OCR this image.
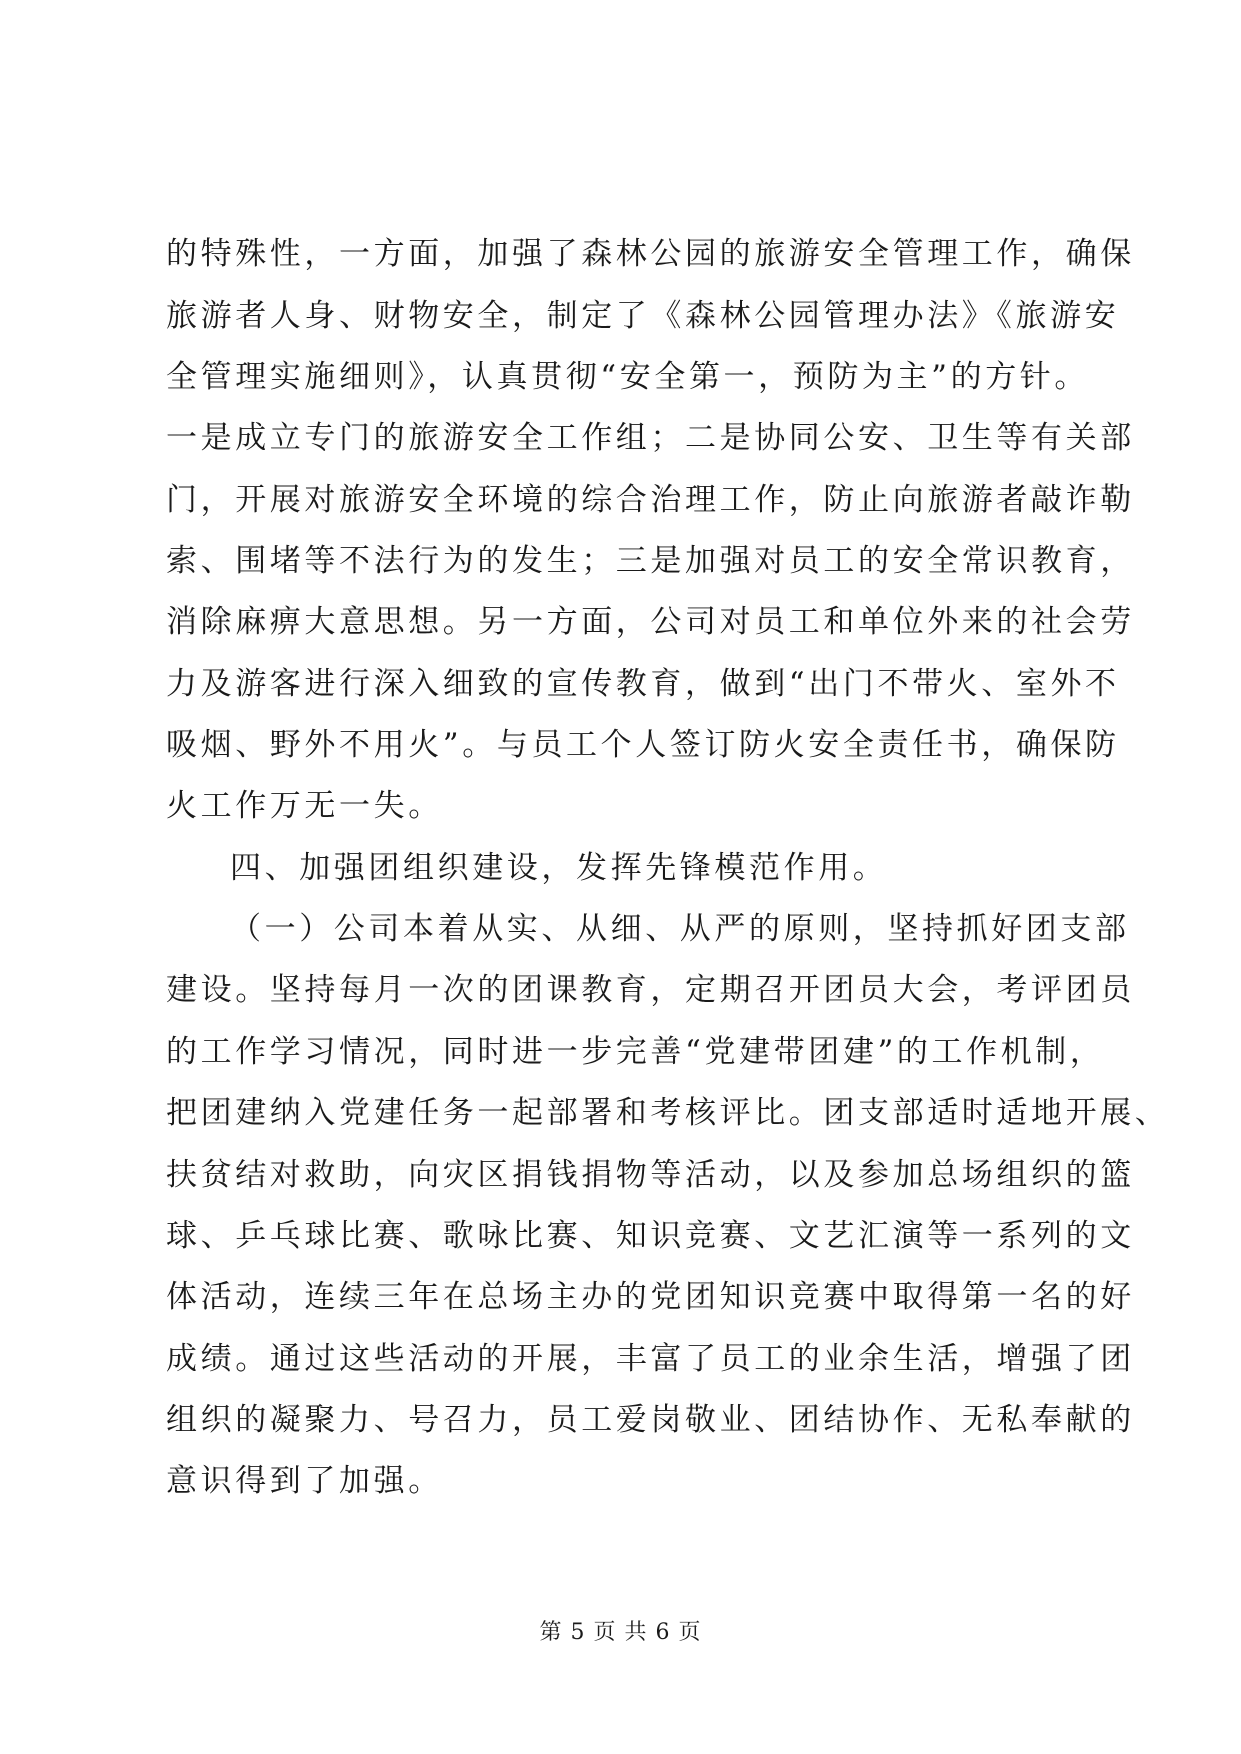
的特殊性，一方面，加强了森林公园的旅游安全管理工作，确保
旅游者人身、财物安全，制定了《森林公园管理办法》《旅游安
全管理实施细则》，认真贯彻“安全第一，预防为主”的方针。
一是成立专门的旅游安全工作组；二是协同公安、卫生等有关部
门，开展对旅游安全环境的综合治理工作，防止向旅游者敲诈勒
索、围堵等不法行为的发生；三是加强对员工的安全常识教育，
消除麻痹大意思想。另一方面，公司对员工和单位外来的社会劳
力及游客进行深入细致的宣传教育，做到“出门不带火、室外不
吸烟、野外不用火”。与员工个人签订防火安全责任书，确保防
火工作万无一失。
四、加强团组织建设，发挥先锋模范作用。
（一）公司本着从实、从细、从严的原则，坚持抓好团支部
建设。坚持每月一次的团课教育，定期召开团员大会，考评团员
的工作学习情况，同时进一步完善“党建带团建”的工作机制，
把团建纳入党建任务一起部署和考核评比。团支部适时适地开展、
扶贫结对救助，向灾区捐钱捐物等活动，以及参加总场组织的篮
球、乒乓球比赛、歌咏比赛、知识竞赛、文艺汇演等一系列的文
体活动，连续三年在总场主办的党团知识竞赛中取得第一名的好
成绩。通过这些活动的开展，丰富了员工的业余生活，增强了团
组织的凝聚力、号召力，员工爱岗敬业、团结协作、无私奉献的
意识得到了加强。
第 5 页 共 6 页
